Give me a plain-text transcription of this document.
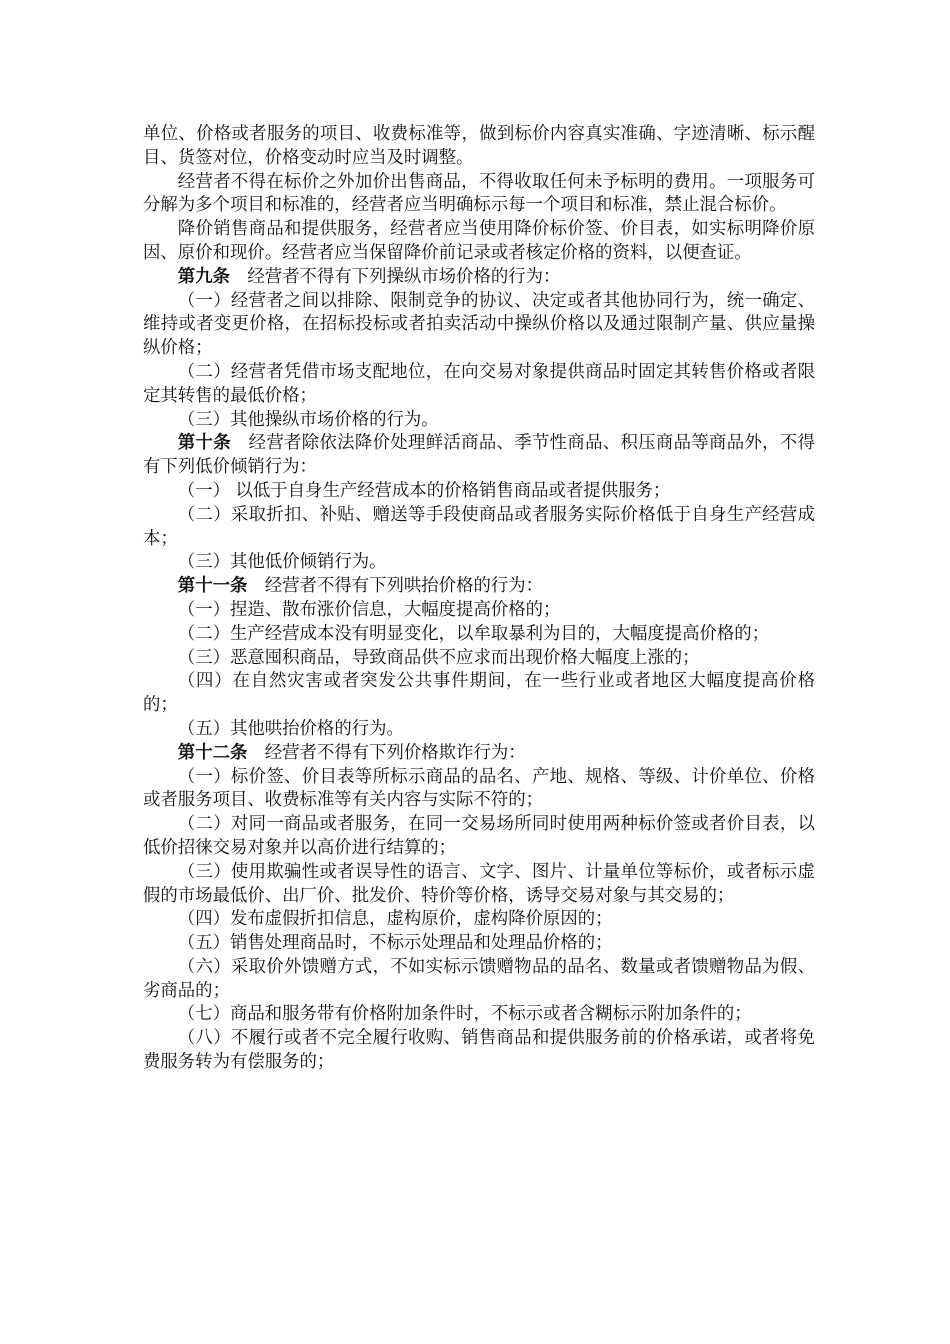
单位、价格或者服务的项目、收费标准等，做到标价内容真实准确、字迹清晰、标示醒目、货签对位，价格变动时应当及时调整。

经营者不得在标价之外加价出售商品，不得收取任何未予标明的费用。一项服务可分解为多个项目和标准的，经营者应当明确标示每一个项目和标准，禁止混合标价。

降价销售商品和提供服务，经营者应当使用降价标价签、价目表，如实标明降价原因、原价和现价。经营者应当保留降价前记录或者核定价格的资料，以便查证。

第九条 经营者不得有下列操纵市场价格的行为：

（一）经营者之间以排除、限制竞争的协议、决定或者其他协同行为，统一确定、维持或者变更价格，在招标投标或者拍卖活动中操纵价格以及通过限制产量、供应量操纵价格；

（二）经营者凭借市场支配地位，在向交易对象提供商品时固定其转售价格或者限定其转售的最低价格；

（三）其他操纵市场价格的行为。

第十条 经营者除依法降价处理鲜活商品、季节性商品、积压商品等商品外，不得有下列低价倾销行为：

（一） 以低于自身生产经营成本的价格销售商品或者提供服务；

（二）采取折扣、补贴、赠送等手段使商品或者服务实际价格低于自身生产经营成本；

（三）其他低价倾销行为。

第十一条 经营者不得有下列哄抬价格的行为：

（一）捏造、散布涨价信息，大幅度提高价格的；

（二）生产经营成本没有明显变化，以牟取暴利为目的，大幅度提高价格的；

（三）恶意囤积商品，导致商品供不应求而出现价格大幅度上涨的；

（四）在自然灾害或者突发公共事件期间，在一些行业或者地区大幅度提高价格的；

（五）其他哄抬价格的行为。

第十二条 经营者不得有下列价格欺诈行为：

（一）标价签、价目表等所标示商品的品名、产地、规格、等级、计价单位、价格或者服务项目、收费标准等有关内容与实际不符的；

（二）对同一商品或者服务，在同一交易场所同时使用两种标价签或者价目表，以低价招徕交易对象并以高价进行结算的；

（三）使用欺骗性或者误导性的语言、文字、图片、计量单位等标价，或者标示虚假的市场最低价、出厂价、批发价、特价等价格，诱导交易对象与其交易的；

（四）发布虚假折扣信息，虚构原价，虚构降价原因的；

（五）销售处理商品时，不标示处理品和处理品价格的；

（六）采取价外馈赠方式，不如实标示馈赠物品的品名、数量或者馈赠物品为假、劣商品的；

（七）商品和服务带有价格附加条件时，不标示或者含糊标示附加条件的；

（八）不履行或者不完全履行收购、销售商品和提供服务前的价格承诺，或者将免费服务转为有偿服务的；
